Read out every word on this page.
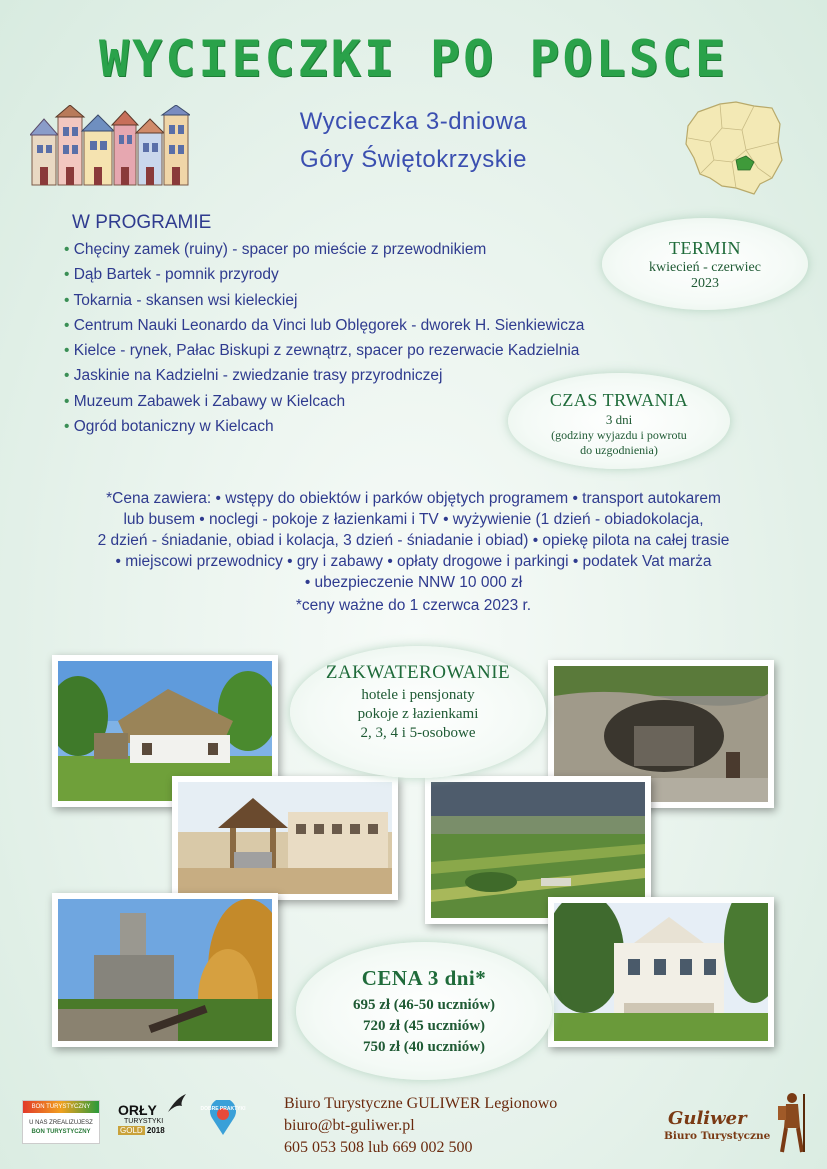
WYCIECZKI PO POLSCE
Wycieczka 3-dniowa
Góry Świętokrzyskie
W PROGRAMIE
• Chęciny zamek (ruiny) - spacer po mieście z przewodnikiem
• Dąb Bartek - pomnik przyrody
• Tokarnia - skansen wsi kieleckiej
• Centrum Nauki Leonardo da Vinci lub Oblęgorek - dworek H. Sienkiewicza
• Kielce - rynek, Pałac Biskupi z zewnątrz, spacer po rezerwacie Kadzielnia
• Jaskinie na Kadzielni - zwiedzanie trasy przyrodniczej
• Muzeum Zabawek i Zabawy w Kielcach
• Ogród botaniczny w Kielcach
TERMIN
kwiecień - czerwiec
2023
CZAS TRWANIA
3 dni
(godziny wyjazdu i powrotu
do uzgodnienia)
*Cena zawiera: • wstępy do obiektów i parków objętych programem • transport autokarem
lub busem • noclegi - pokoje z łazienkami i TV • wyżywienie (1 dzień - obiadokolacja,
2 dzień - śniadanie, obiad i kolacja, 3 dzień - śniadanie i obiad) • opiekę pilota na całej trasie
• miejscowi przewodnicy • gry i zabawy • opłaty drogowe i parkingi • podatek Vat marża
• ubezpieczenie NNW 10 000 zł
*ceny ważne do 1 czerwca 2023 r.
ZAKWATEROWANIE
hotele i pensjonaty
pokoje z łazienkami
2, 3, 4 i 5-osobowe
CENA 3 dni*
695 zł (46-50 uczniów)
720 zł (45 uczniów)
750 zł (40 uczniów)
BON TURYSTYCZNY
U NAS ZREALIZUJESZ
BON TURYSTYCZNY
ORŁY
TURYSTYKI
GOLD 2018
DOBRE PRAKTYKI Biuro Turystyczne GULIWER Legionowo
biuro@bt-guliwer.pl
605 053 508 lub 669 002 500
Guliwer
Biuro Turystyczne
